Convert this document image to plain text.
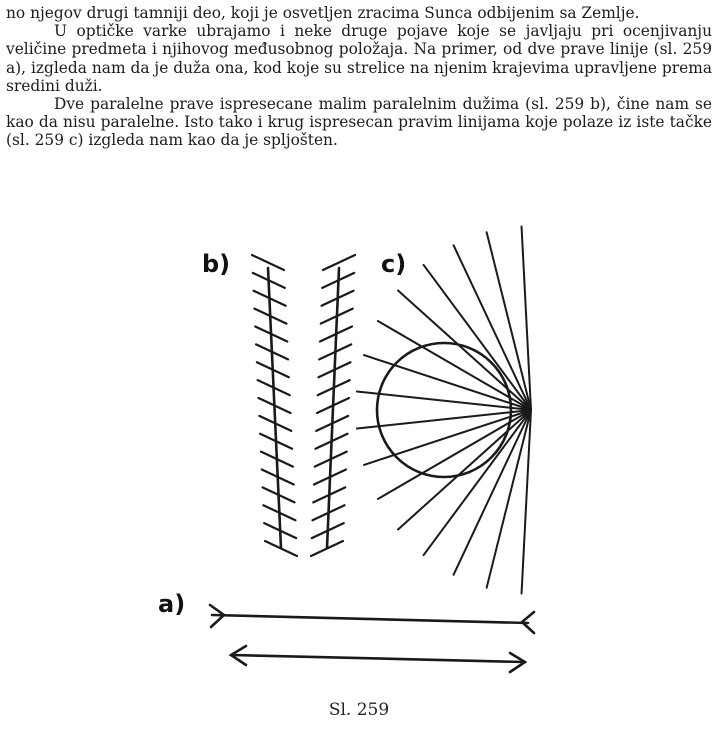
no njegov drugi tamniji deo, koji je osvetljen zracima Sunca odbijenim sa Zemlje.

U optičke varke ubrajamo i neke druge pojave koje se javljaju pri ocenjivanju veličine predmeta i njihovog međusobnog položaja. Na primer, od dve prave linije (sl. 259 a), izgleda nam da je duža ona, kod koje su strelice na njenim krajevima upravljene prema sredini duži.

Dve paralelne prave ispresecane malim paralelnim dužima (sl. 259 b), čine nam se kao da nisu paralelne. Isto tako i krug ispresecan pravim linijama koje polaze iz iste tačke (sl. 259 c) izgleda nam kao da je spljošten.

b)	c)
a)
Sl. 259
